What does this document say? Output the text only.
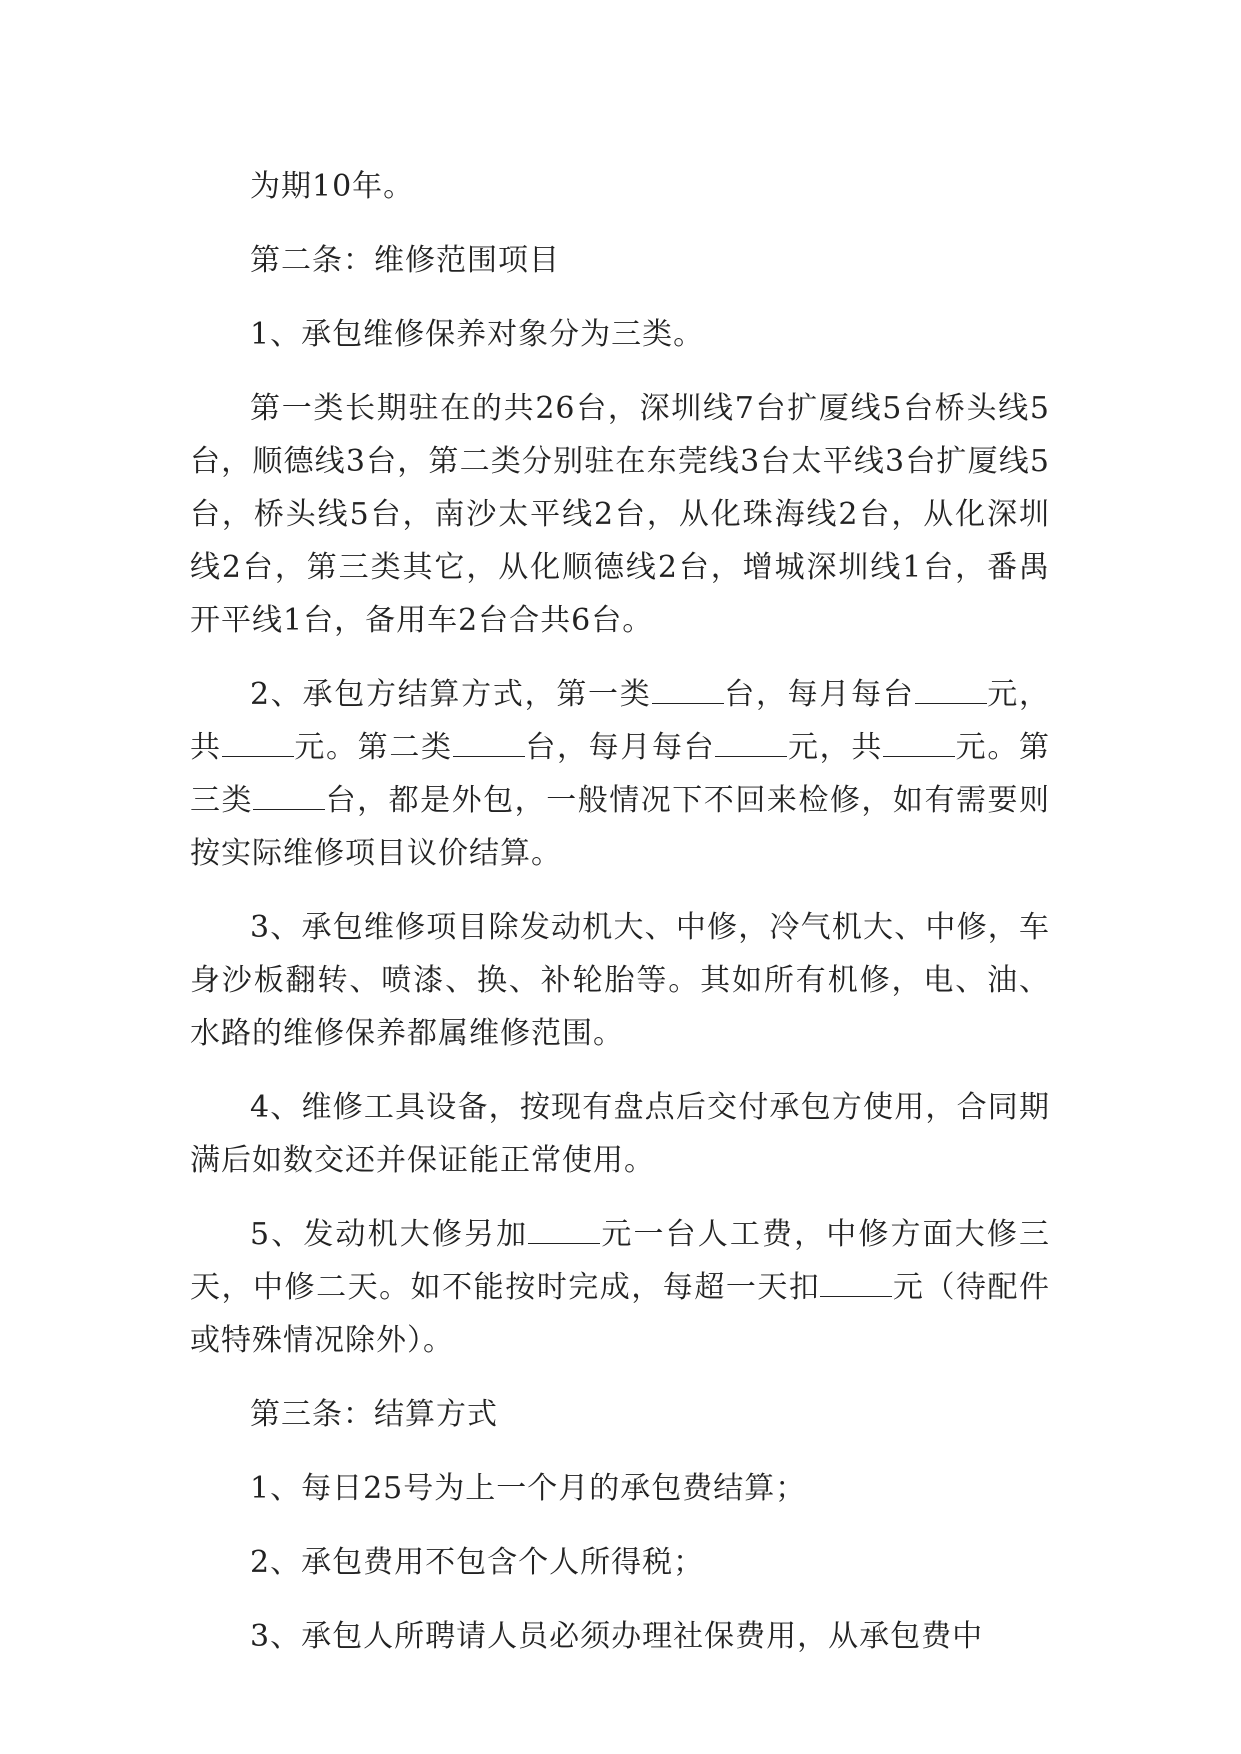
为期10年。

第二条：维修范围项目

1、承包维修保养对象分为三类。

第一类长期驻在的共26台，深圳线7台扩厦线5台桥头线5台，顺德线3台，第二类分别驻在东莞线3台太平线3台扩厦线5台，桥头线5台，南沙太平线2台，从化珠海线2台，从化深圳线2台，第三类其它，从化顺德线2台，增城深圳线1台，番禺开平线1台，备用车2台合共6台。

2、承包方结算方式，第一类 台，每月每台 元，共 元。第二类 台，每月每台 元，共 元。第三类 台，都是外包，一般情况下不回来检修，如有需要则按实际维修项目议价结算。

3、承包维修项目除发动机大、中修，冷气机大、中修，车身沙板翻转、喷漆、换、补轮胎等。其如所有机修，电、油、水路的维修保养都属维修范围。

4、维修工具设备，按现有盘点后交付承包方使用，合同期满后如数交还并保证能正常使用。

5、发动机大修另加 元一台人工费，中修方面大修三天，中修二天。如不能按时完成，每超一天扣 元（待配件或特殊情况除外）。

第三条：结算方式

1、每日25号为上一个月的承包费结算；

2、承包费用不包含个人所得税；

3、承包人所聘请人员必须办理社保费用，从承包费中
